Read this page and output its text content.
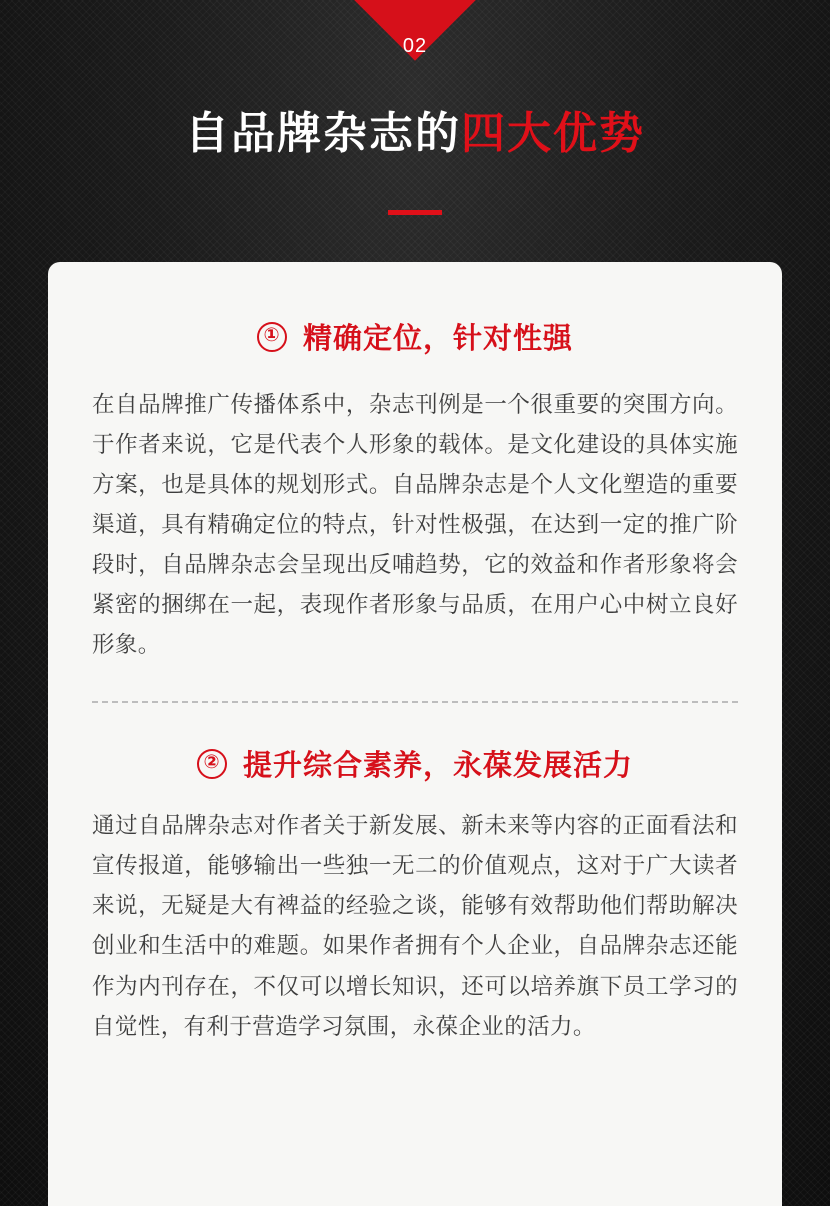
02
自品牌杂志的四大优势
① 精确定位，针对性强

在自品牌推广传播体系中，杂志刊例是一个很重要的突围方向。于作者来说，它是代表个人形象的载体。是文化建设的具体实施方案，也是具体的规划形式。自品牌杂志是个人文化塑造的重要渠道，具有精确定位的特点，针对性极强，在达到一定的推广阶段时，自品牌杂志会呈现出反哺趋势，它的效益和作者形象将会紧密的捆绑在一起，表现作者形象与品质，在用户心中树立良好形象。

② 提升综合素养，永葆发展活力

通过自品牌杂志对作者关于新发展、新未来等内容的正面看法和宣传报道，能够输出一些独一无二的价值观点，这对于广大读者来说，无疑是大有裨益的经验之谈，能够有效帮助他们帮助解决创业和生活中的难题。如果作者拥有个人企业，自品牌杂志还能作为内刊存在，不仅可以增长知识，还可以培养旗下员工学习的自觉性，有利于营造学习氛围，永葆企业的活力。
